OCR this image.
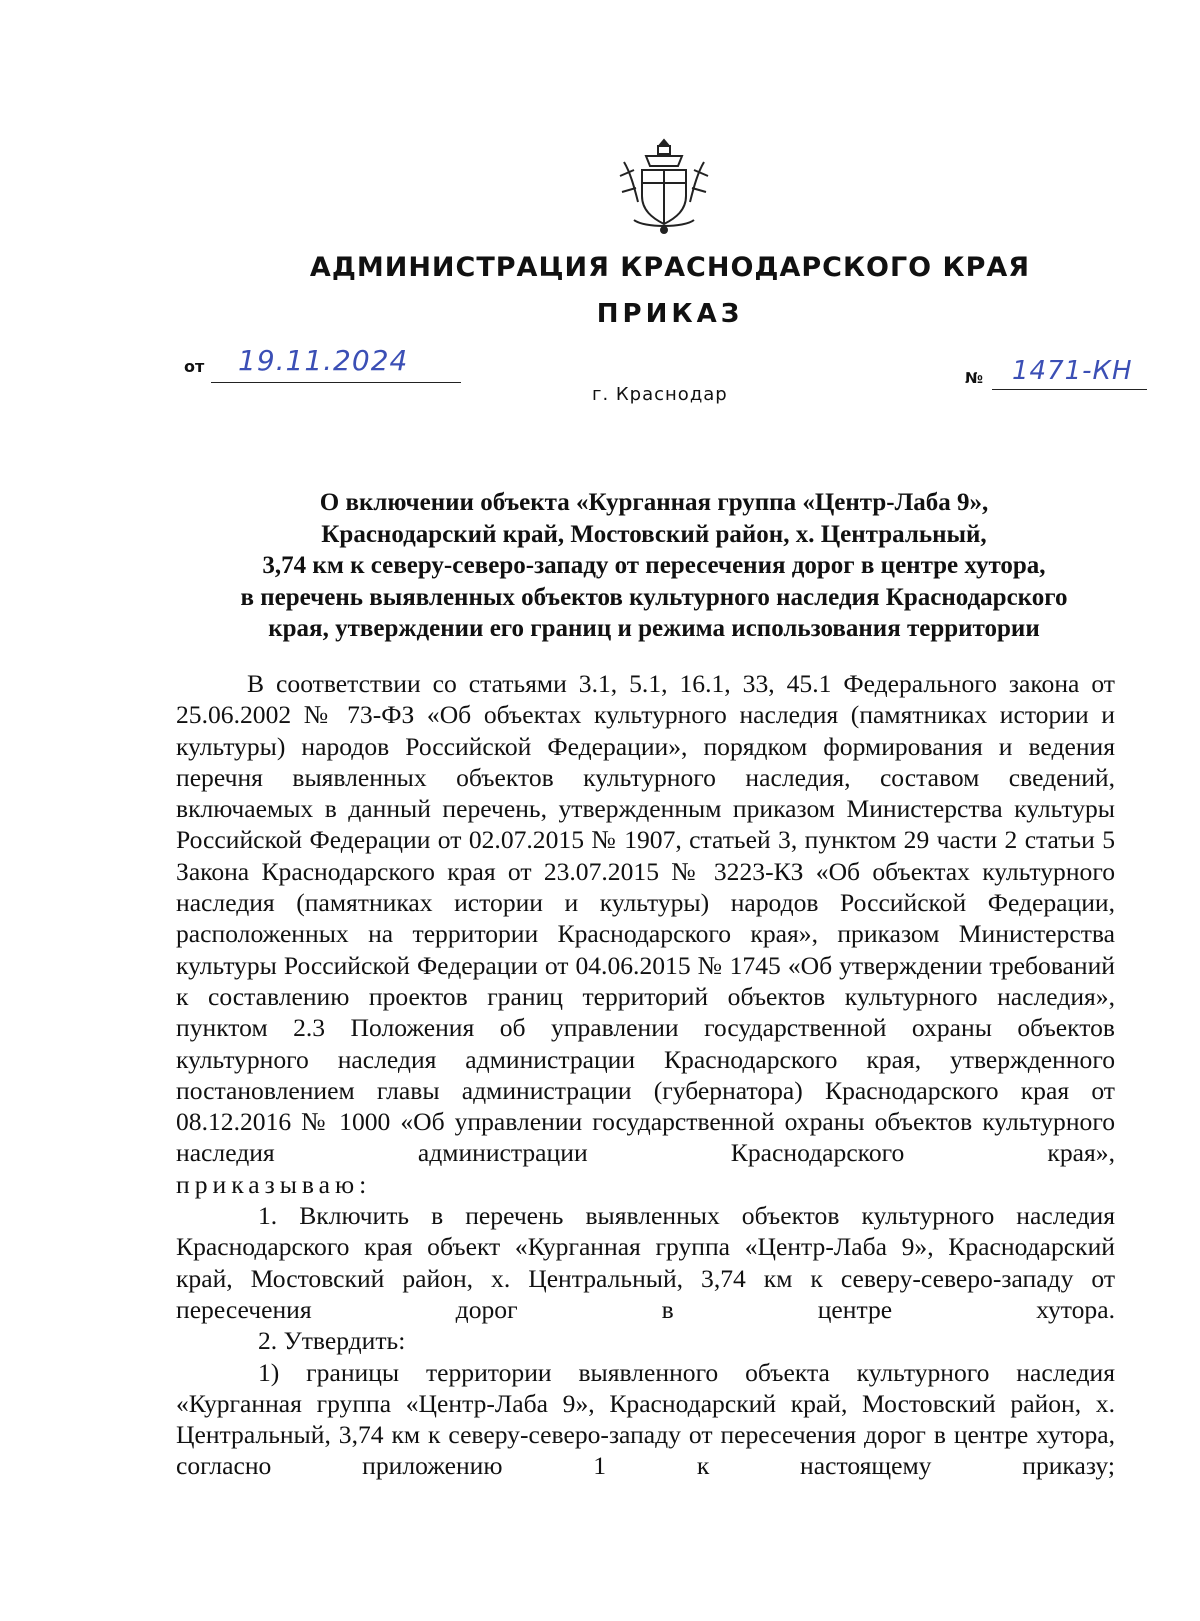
АДМИНИСТРАЦИЯ КРАСНОДАРСКОГО КРАЯ
ПРИКАЗ
от 19.11.2024
г. Краснодар
№ 1471-КН
О включении объекта «Курганная группа «Центр-Лаба 9»,
Краснодарский край, Мостовский район, х. Центральный,
3,74 км к северу-северо-западу от пересечения дорог в центре хутора,
в перечень выявленных объектов культурного наследия Краснодарского
края, утверждении его границ и режима использования территории

В соответствии со статьями 3.1, 5.1, 16.1, 33, 45.1 Федерального закона от 25.06.2002 № 73-ФЗ «Об объектах культурного наследия (памятниках истории и культуры) народов Российской Федерации», порядком формирования и ведения перечня выявленных объектов культурного наследия, составом сведений, включаемых в данный перечень, утвержденным приказом Министерства культуры Российской Федерации от 02.07.2015 № 1907, статьей 3, пунктом 29 части 2 статьи 5 Закона Краснодарского края от 23.07.2015 № 3223-КЗ «Об объектах культурного наследия (памятниках истории и культуры) народов Российской Федерации, расположенных на территории Краснодарского края», приказом Министерства культуры Российской Федерации от 04.06.2015 № 1745 «Об утверждении требований к составлению проектов границ территорий объектов культурного наследия», пунктом 2.3 Положения об управлении государственной охраны объектов культурного наследия администрации Краснодарского края, утвержденного постановлением главы администрации (губернатора) Краснодарского края от 08.12.2016 № 1000 «Об управлении государственной охраны объектов культурного наследия администрации Краснодарского края»,

приказываю:

1. Включить в перечень выявленных объектов культурного наследия Краснодарского края объект «Курганная группа «Центр-Лаба 9», Краснодарский край, Мостовский район, х. Центральный, 3,74 км к северу-северо-западу от пересечения дорог в центре хутора.

2. Утвердить:

1) границы территории выявленного объекта культурного наследия «Курганная группа «Центр-Лаба 9», Краснодарский край, Мостовский район, х. Центральный, 3,74 км к северу-северо-западу от пересечения дорог в центре хутора, согласно приложению 1 к настоящему приказу;
